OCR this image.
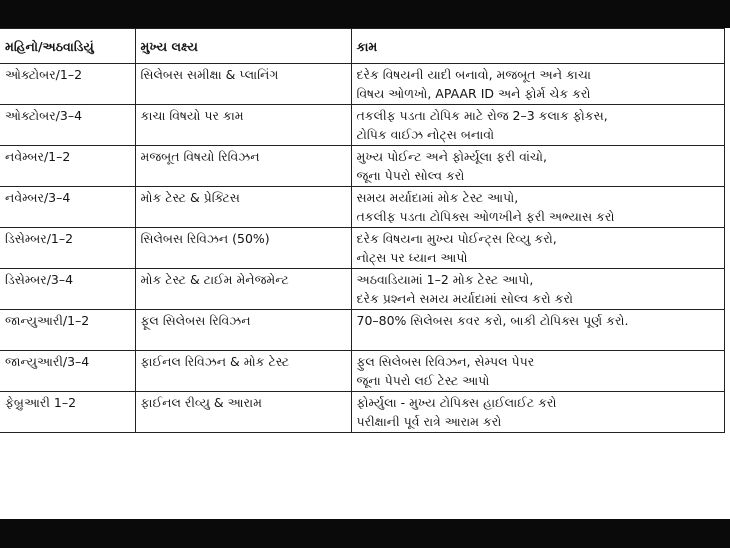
મહિનો/અઠવાડિયું	મુખ્ય લક્ષ્ય	કામ
ઓક્ટોબર/1–2	સિલેબસ સમીક્ષા & પ્લાનિંગ	દરેક વિષયની યાદી બનાવો, મજબૂત અને કાચા
વિષય ઓળખો, APAAR ID અને ફોર્મ ચેક કરો

ઓક્ટોબર/3–4	કાચા વિષયો પર કામ	તકલીફ પડતા ટોપિક માટે રોજ 2–3 કલાક ફોકસ,
ટોપિક વાઈઝ નોટ્સ બનાવો

નવેમ્બર/1–2	મજબૂત વિષયો રિવિઝન	મુખ્ય પોઈન્ટ અને ફોર્મ્યૂલા ફરી વાંચો,
જૂના પેપરો સોલ્વ કરો

નવેમ્બર/3–4	મોક ટેસ્ટ & પ્રેક્ટિસ	સમય મર્યાદામાં મોક ટેસ્ટ આપો,
તકલીફ પડતા ટોપિક્સ ઓળખીને ફરી અભ્યાસ કરો

ડિસેમ્બર/1–2	સિલેબસ રિવિઝન (50%)	દરેક વિષયના મુખ્ય પોઈન્ટ્સ રિવ્યુ કરો,
નોટ્સ પર ધ્યાન આપો

ડિસેમ્બર/3–4	મોક ટેસ્ટ & ટાઈમ મેનેજમેન્ટ	અઠવાડિયામાં 1–2 મોક ટેસ્ટ આપો,
દરેક પ્રશ્નને સમય મર્યાદામાં સોલ્વ કરો કરો

જાન્યુઆરી/1–2	ફૂલ સિલેબસ રિવિઝન	70–80% સિલેબસ કવર કરો, બાકી ટોપિક્સ પૂર્ણ કરો.

જાન્યુઆરી/3–4	ફાઈનલ રિવિઝન & મોક ટેસ્ટ	ફુલ સિલેબસ રિવિઝન, સેમ્પલ પેપર
જૂના પેપરો લઈ ટેસ્ટ આપો

ફેબ્રુઆરી 1–2	ફાઈનલ રીવ્યુ & આરામ	ફોર્મ્યુલા - મુખ્ય ટોપિક્સ હાઈલાઈટ કરો
પરીક્ષાની પૂર્વ રાત્રે આરામ કરો
